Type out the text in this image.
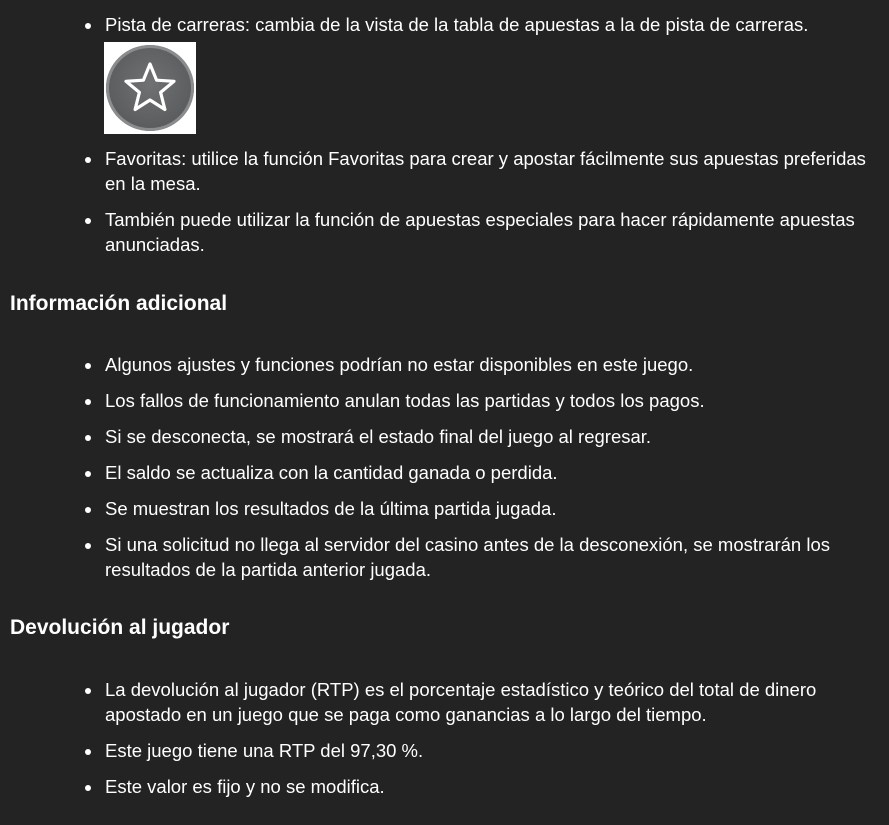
Pista de carreras: cambia de la vista de la tabla de apuestas a la de pista de carreras.
Favoritas: utilice la función Favoritas para crear y apostar fácilmente sus apuestas preferidas en la mesa.
También puede utilizar la función de apuestas especiales para hacer rápidamente apuestas anunciadas.
Información adicional
Algunos ajustes y funciones podrían no estar disponibles en este juego.
Los fallos de funcionamiento anulan todas las partidas y todos los pagos.
Si se desconecta, se mostrará el estado final del juego al regresar.
El saldo se actualiza con la cantidad ganada o perdida.
Se muestran los resultados de la última partida jugada.
Si una solicitud no llega al servidor del casino antes de la desconexión, se mostrarán los resultados de la partida anterior jugada.
Devolución al jugador
La devolución al jugador (RTP) es el porcentaje estadístico y teórico del total de dinero apostado en un juego que se paga como ganancias a lo largo del tiempo.
Este juego tiene una RTP del 97,30 %.
Este valor es fijo y no se modifica.
